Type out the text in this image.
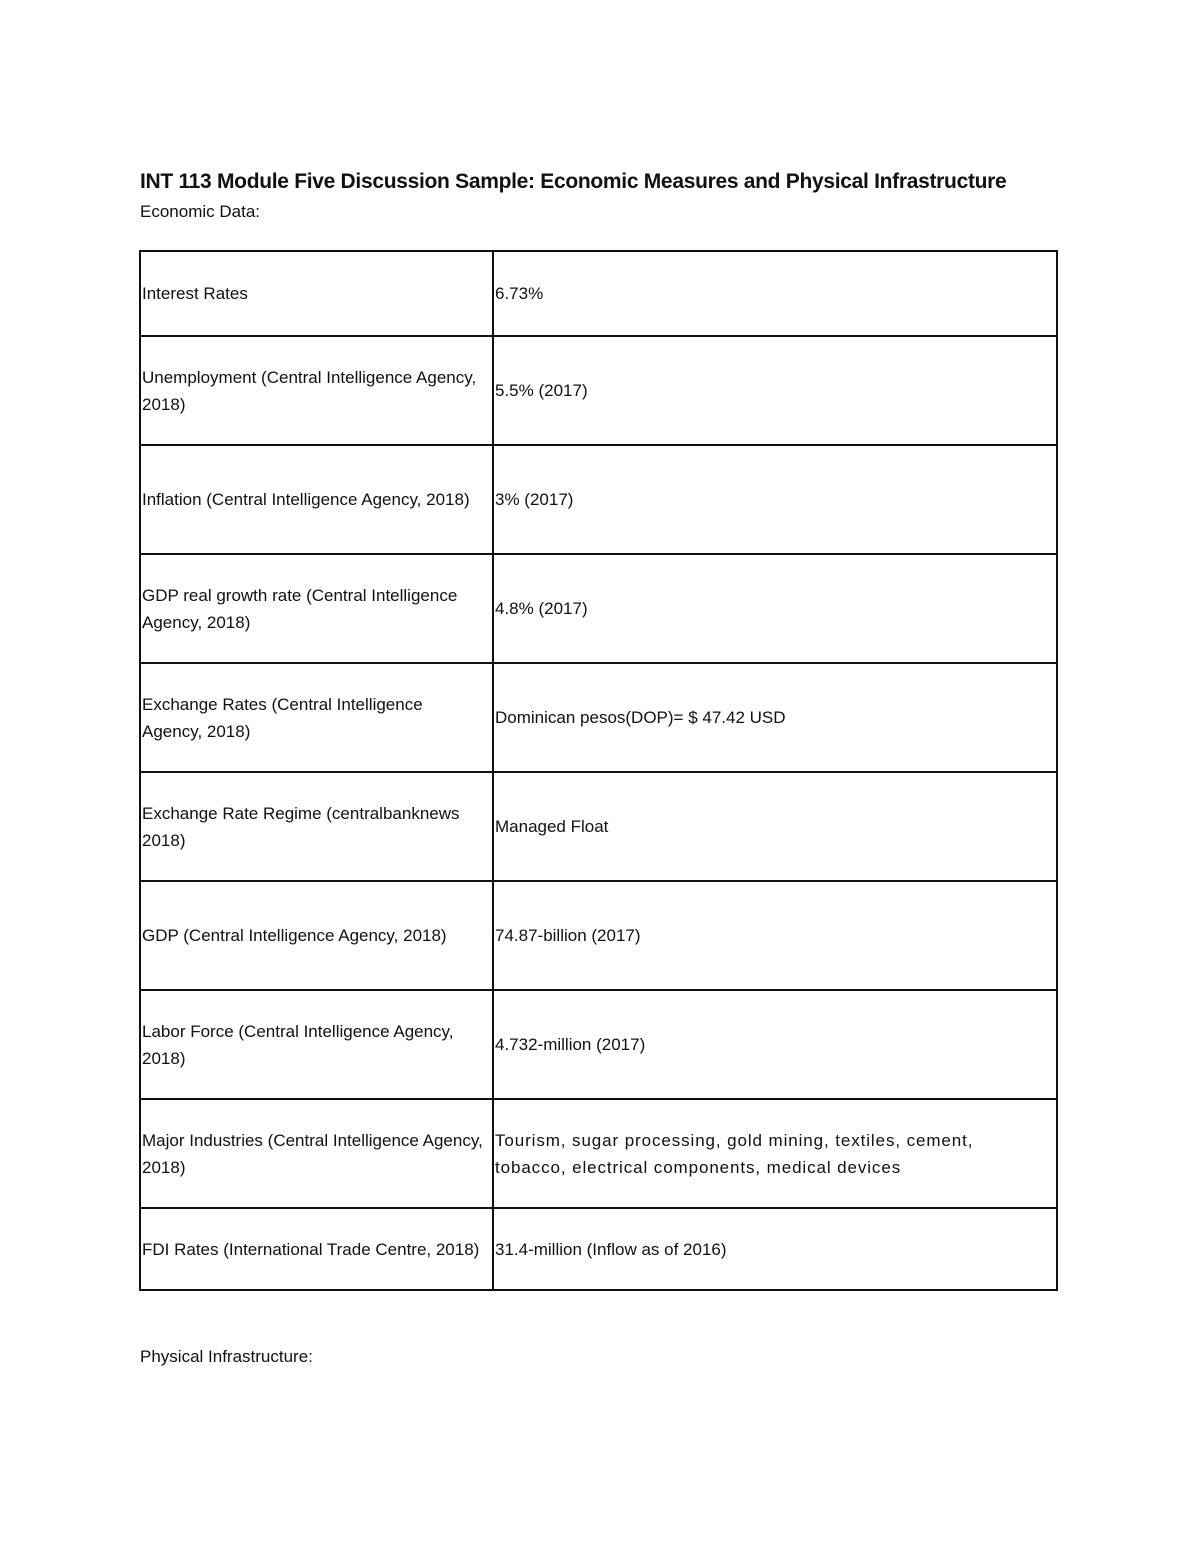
INT 113 Module Five Discussion Sample: Economic Measures and Physical Infrastructure
Economic Data:
Interest Rates	6.73%
Unemployment (Central Intelligence Agency, 2018)	5.5% (2017)
Inflation (Central Intelligence Agency, 2018)	3% (2017)
GDP real growth rate (Central Intelligence Agency, 2018)	4.8% (2017)
Exchange Rates (Central Intelligence Agency, 2018)	Dominican pesos(DOP)= $ 47.42 USD
Exchange Rate Regime (centralbanknews 2018)	Managed Float
GDP (Central Intelligence Agency, 2018)	74.87-billion (2017)
Labor Force (Central Intelligence Agency, 2018)	4.732-million (2017)
Major Industries (Central Intelligence Agency, 2018)	Tourism, sugar processing, gold mining, textiles, cement, tobacco, electrical components, medical devices
FDI Rates (International Trade Centre, 2018)	31.4-million (Inflow as of 2016)
Physical Infrastructure:
